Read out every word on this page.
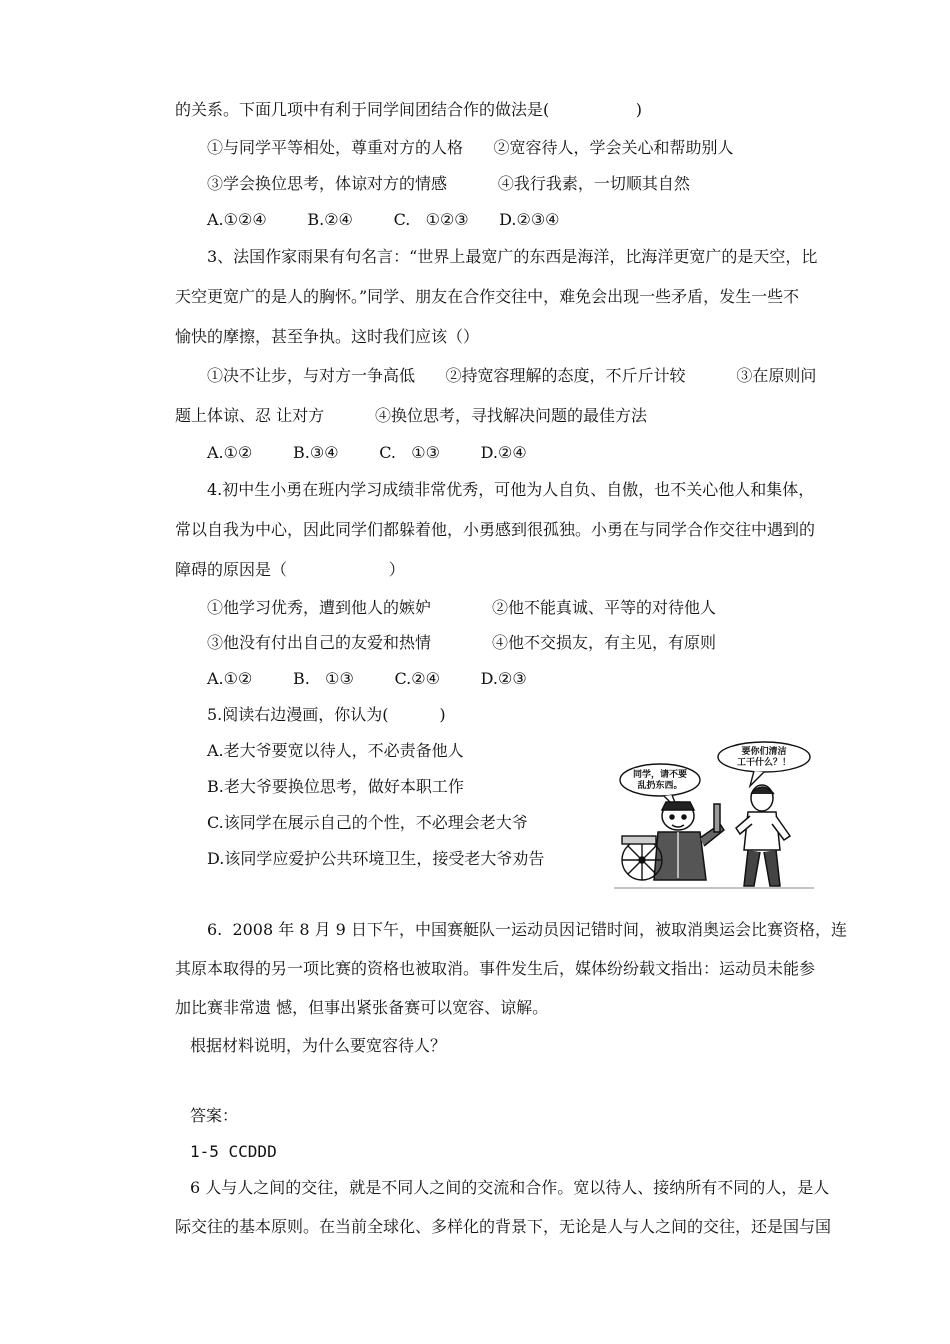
的关系。下面几项中有利于同学间团结合作的做法是(                 )
①与同学平等相处，尊重对方的人格      ②宽容待人，学会关心和帮助别人
③学会换位思考，体谅对方的情感          ④我行我素，一切顺其自然
A.①②④        B.②④        C.   ①②③      D.②③④
3、法国作家雨果有句名言：“世界上最宽广的东西是海洋，比海洋更宽广的是天空，比
天空更宽广的是人的胸怀。”同学、朋友在合作交往中，难免会出现一些矛盾，发生一些不
愉快的摩擦，甚至争执。这时我们应该（）
①决不让步，与对方一争高低      ②持宽容理解的态度，不斤斤计较          ③在原则问
题上体谅、忍 让对方          ④换位思考，寻找解决问题的最佳方法
A.①②        B.③④        C.   ①③        D.②④
4.初中生小勇在班内学习成绩非常优秀，可他为人自负、自傲，也不关心他人和集体，
常以自我为中心，因此同学们都躲着他，小勇感到很孤独。小勇在与同学合作交往中遇到的
障碍的原因是（                    ）
①他学习优秀，遭到他人的嫉妒            ②他不能真诚、平等的对待他人
③他没有付出自己的友爱和热情            ④他不交损友，有主见，有原则
A.①②        B.   ①③        C.②④        D.②③
5.阅读右边漫画，你认为(          )
A.老大爷要宽以待人，不必责备他人
B.老大爷要换位思考，做好本职工作
C.该同学在展示自己的个性，不必理会老大爷
D.该同学应爱护公共环境卫生，接受老大爷劝告
同学，请不要
乱扔东西。
要你们清洁
工干什么？！
6.  2008 年 8 月 9 日下午，中国赛艇队一运动员因记错时间，被取消奥运会比赛资格，连
其原本取得的另一项比赛的资格也被取消。事件发生后，媒体纷纷载文指出：运动员未能参
加比赛非常遗 憾，但事出紧张备赛可以宽容、谅解。
根据材料说明，为什么要宽容待人？
答案：
1-5 CCDDD
6 人与人之间的交往，就是不同人之间的交流和合作。宽以待人、接纳所有不同的人，是人
际交往的基本原则。在当前全球化、多样化的背景下，无论是人与人之间的交往，还是国与国
